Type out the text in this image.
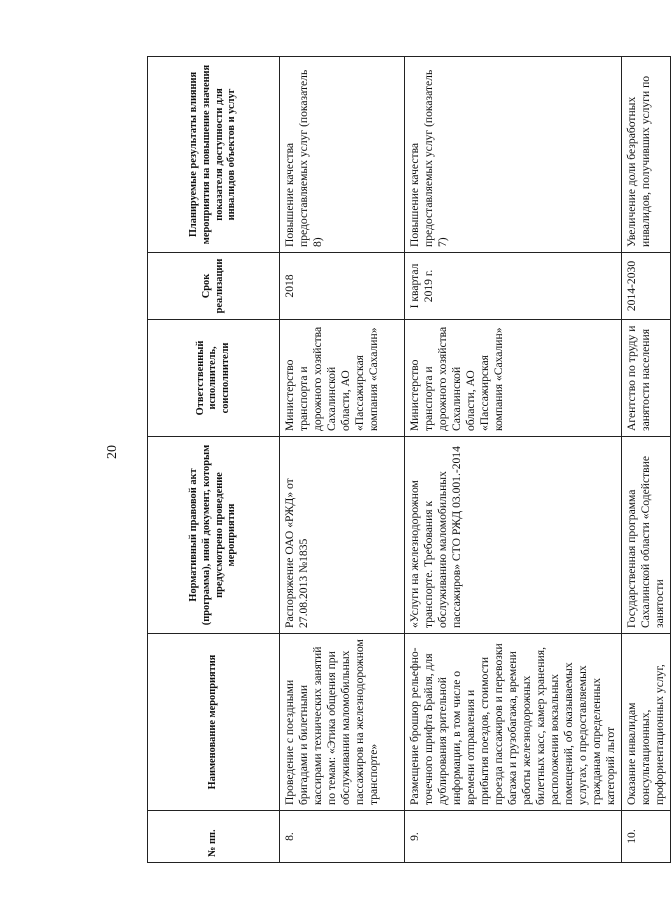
20
№ пп.	Наименование мероприятия	Нормативный правовой акт (программа), иной документ, которым предусмотрено проведение мероприятия	Ответственный исполнитель, соисполнители	Срок реализации	Планируемые результаты влияния мероприятия на повышение значения показателя доступности для инвалидов объектов и услуг
8.	Проведение с поездными бригадами и билетными кассирами технических занятий по темам: «Этика общения при обслуживании маломобильных пассажиров на железнодорожном транспорте»	Распоряжение ОАО «РЖД» от 27.08.2013 №1835	Министерство транспорта и дорожного хозяйства Сахалинской области, АО «Пассажирская компания «Сахалин»	2018	Повышение качества предоставляемых услуг (показатель 8)
9.	Размещение брошюр рельефно-точечного шрифта Брайля, для дублирования зрительной информации, в том числе о времени отправления и прибытия поездов, стоимости проезда пассажиров и перевозки багажа и грузобагажа, времени работы железнодорожных билетных касс, камер хранения, расположении вокзальных помещений, об оказываемых услугах, о предоставляемых гражданам определенных категорий льгот	«Услуги на железнодорожном транспорте. Требования к обслуживанию маломобильных пассажиров» СТО РЖД 03.001.-2014	Министерство транспорта и дорожного хозяйства Сахалинской области, АО «Пассажирская компания «Сахалин»	I квартал 2019 г.	Повышение качества предоставляемых услуг (показатель 7)
10.	Оказание инвалидам консультационных, профориентационных услуг,	Государственная программа Сахалинской области «Содействие занятости	Агентство по труду и занятости населения	2014-2030	Увеличение доли безработных инвалидов, получивших услуги по
